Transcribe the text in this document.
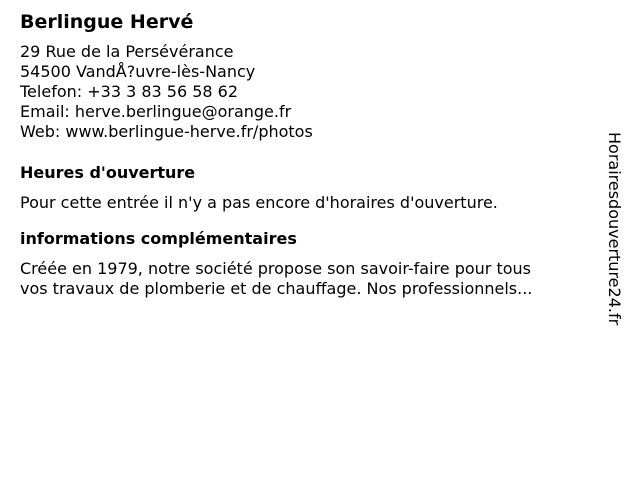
Berlingue Hervé
29 Rue de la Persévérance
54500 VandÅ?uvre-lès-Nancy
Telefon: +33 3 83 56 58 62
Email: herve.berlingue@orange.fr
Web: www.berlingue-herve.fr/photos
Heures d'ouverture

Pour cette entrée il n'y a pas encore d'horaires d'ouverture.

informations complémentaires

Créée en 1979, notre société propose son savoir-faire pour tous
vos travaux de plomberie et de chauffage. Nos professionnels...	Horairesdouverture24.fr
